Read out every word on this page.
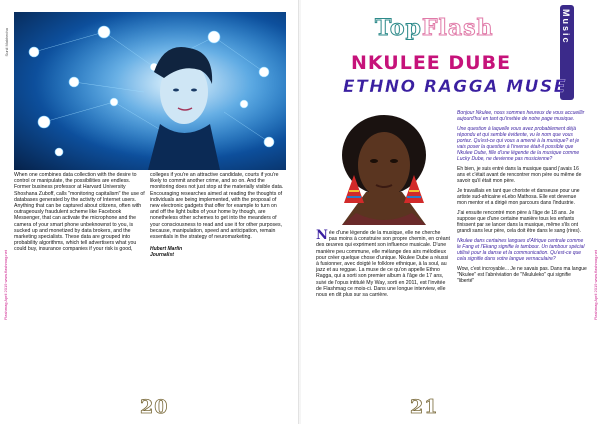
Sunil Makhecha
When one combines data collection with the desire to control or manipulate, the possibilities are endless. Former business professor at Harvard University Shoshana Zuboff, calls "monitoring capitalism" the use of databases generated by the activity of Internet users. Anything that can be captured about citizens, often with outrageously fraudulent scheme like Facebook Messenger, that can activate the microphone and the camera of your smart phone unbeknownst to you, is sucked up and monetized by data brokers, and the marketing specialists. These data are grouped into probability algorithms, which tell advertisers what you could buy, insurance companies if your risk is good,
colleges if you're an attractive candidate, courts if you're likely to commit another crime, and so on. And the monitoring does not just stop at the materially visible data. Encouraging researches aimed at reading the thoughts of individuals are being implemented, with the proposal of new electronic gadgets that offer for example to turn on and off the light bulbs of your home by though, are nonetheless other schemes to get into the meanders of your consciousness to read and use it for other purposes, because, manipulation, speed and anticipation, remain essentials in the strategy of neuromarketing.
Hubert Marlin
Journalist
Flashmag April 2019 www.flashmag.net
20
TopFlash	Music
NKULEE DUBE
ETHNO RAGGA MUSE

Bonjour Nkulee, nous sommes heureux de vous accueillir aujourd'hui en tant qu'invitée de notre page musique.

Une question à laquelle vous avez probablement déjà répondu et qui semble évidente, vu le nom que vous portez. Qu'est-ce qui vous a amené à la musique? et je vais poser la question à l'inverse était-il possible que Nkulee Dube, fille d'une légende de la musique comme Lucky Dube, ne devienne pas musicienne?

Eh bien, je suis entré dans la musique quand j'avais 16 ans et c'était avant de rencontrer mon père ou même de savoir qu'il était mon père.

Je travaillais en tant que choriste et danseuse pour une artiste sud-africaine eLebo Mathosa. Elle est devenue mon mentor et a dirigé mon parcours dans l'industrie.

J'ai ensuite rencontré mon père à l'âge de 18 ans. Je suppose que d'une certaine manière tous les enfants finissent par se lancer dans la musique, même s'ils ont grandi sans leur père, cela doit être dans le sang (rires).

Nkulee dans certaines langues d'Afrique centrale comme le Fang et l'Ekang signifie le tambour. Un tambour spécial utilisé pour la danse et la communication. Qu'est-ce que cela signifie dans votre langue vernaculaire?

Wow, c'est incroyable... Je ne savais pas. Dans ma langue "Nkulee" est l'abréviation de "Nkululeko" qui signifie "liberté"

Née d'une légende de la musique, elle ne cherche pas moins à construire son propre chemin, en créant des œuvres qui expriment son influence musicale. D'une manière peu commune, elle mélange des airs mélodieux pour créer quelque chose d'unique. Nkulee Dube a réussi à fusionner, avec doigté le folklore ethnique, à la soul, au jazz et au reggae. La muse de ce qu'on appelle Ethno Ragga, qui a sorti son premier album à l'âge de 17 ans, suivi de l'opus intitulé My Way, sorti en 2011, est l'invitée de Flashmag ce mois-ci. Dans une longue interview, elle nous en dit plus sur sa carrière.	Flashmag April 2019 www.flashmag.net
21
